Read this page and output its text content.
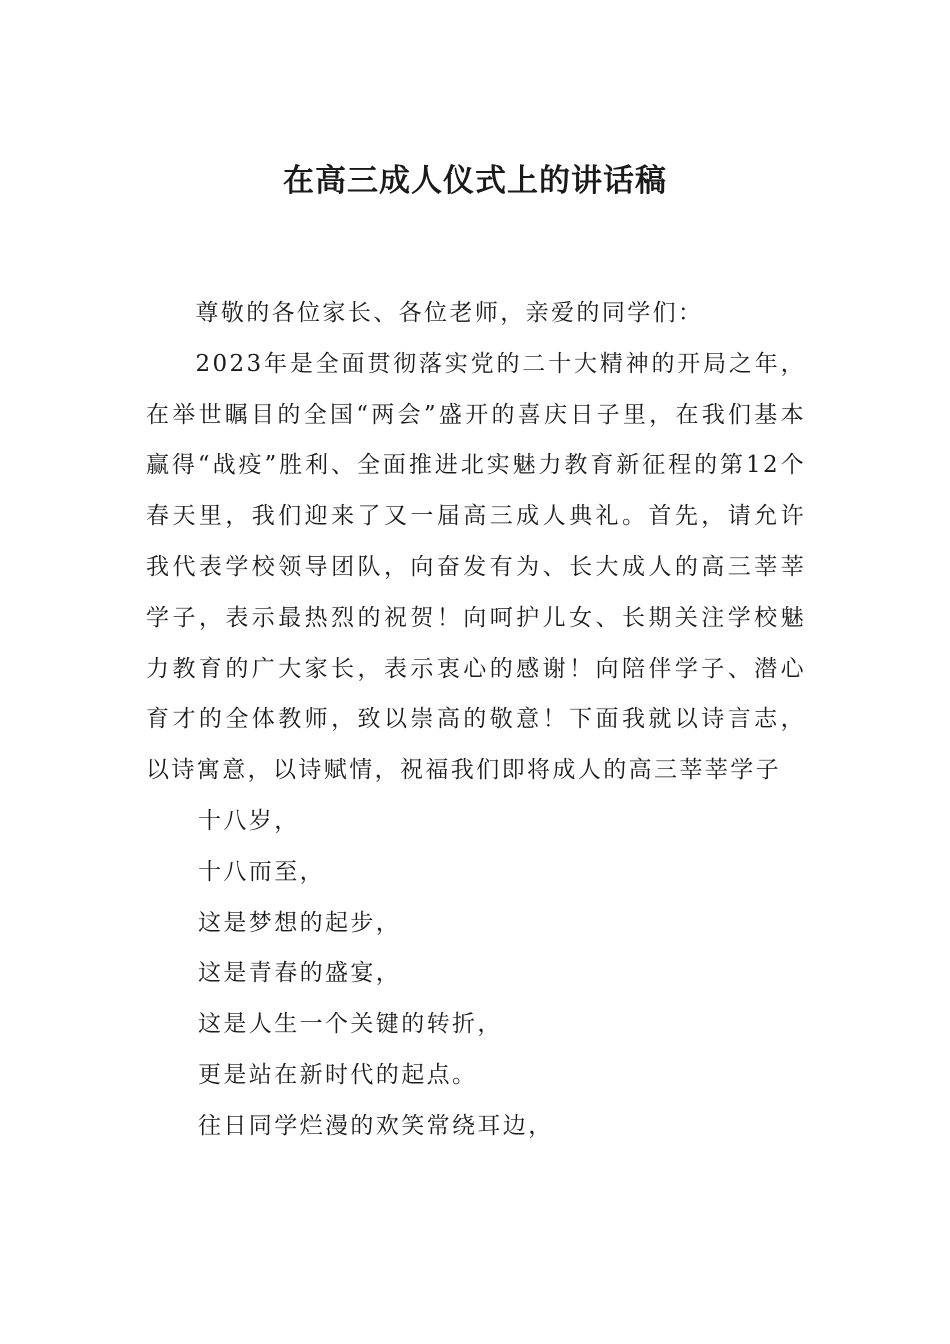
在高三成人仪式上的讲话稿

尊敬的各位家长、各位老师，亲爱的同学们：

2023年是全面贯彻落实党的二十大精神的开局之年，在举世瞩目的全国“两会”盛开的喜庆日子里，在我们基本赢得“战疫”胜利、全面推进北实魅力教育新征程的第12个春天里，我们迎来了又一届高三成人典礼。首先，请允许我代表学校领导团队，向奋发有为、长大成人的高三莘莘学子，表示最热烈的祝贺！向呵护儿女、长期关注学校魅力教育的广大家长，表示衷心的感谢！向陪伴学子、潜心育才的全体教师，致以崇高的敬意！下面我就以诗言志，以诗寓意，以诗赋情，祝福我们即将成人的高三莘莘学子

十八岁，

十八而至，

这是梦想的起步，

这是青春的盛宴，

这是人生一个关键的转折，

更是站在新时代的起点。

往日同学烂漫的欢笑常绕耳边，
